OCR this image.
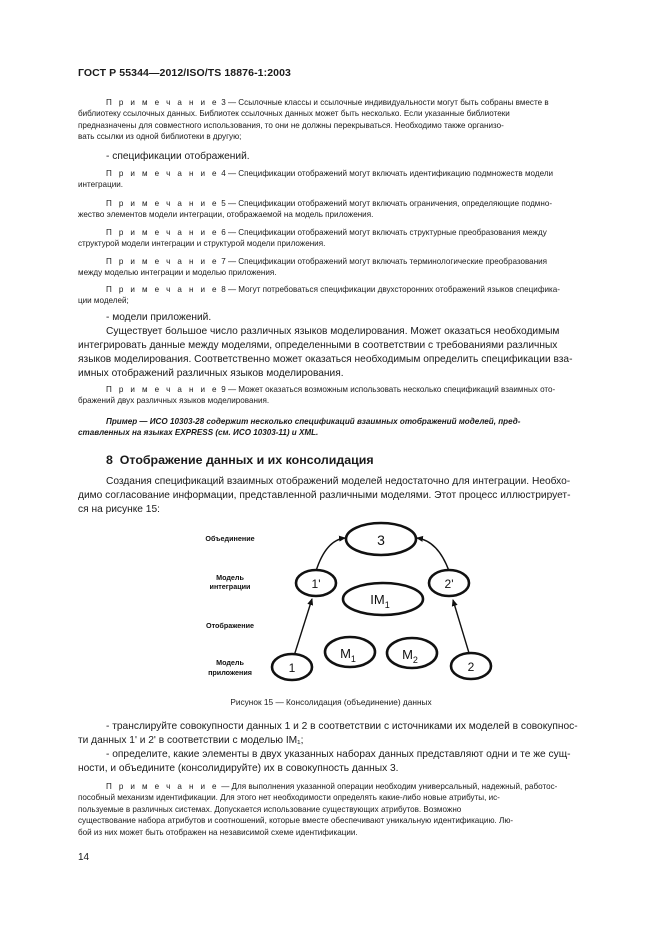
ГОСТ Р 55344—2012/ISO/TS 18876-1:2003
П р и м е ч а н и е 3 — Ссылочные классы и ссылочные индивидуальности могут быть собраны вместе в
библиотеку ссылочных данных. Библиотек ссылочных данных может быть несколько. Если указанные библиотеки
предназначены для совместного использования, то они не должны перекрываться. Необходимо также организо-
вать ссылки из одной библиотеки в другую;
- спецификации отображений.
П р и м е ч а н и е 4 — Спецификации отображений могут включать идентификацию подмножеств модели
интеграции.
П р и м е ч а н и е 5 — Спецификации отображений могут включать ограничения, определяющие подмно-
жество элементов модели интеграции, отображаемой на модель приложения.
П р и м е ч а н и е 6 — Спецификации отображений могут включать структурные преобразования между
структурой модели интеграции и структурой модели приложения.
П р и м е ч а н и е 7 — Спецификации отображений могут включать терминологические преобразования
между моделью интеграции и моделью приложения.
П р и м е ч а н и е 8 — Могут потребоваться спецификации двухсторонних отображений языков специфика-
ции моделей;
- модели приложений.
Существует большое число различных языков моделирования. Может оказаться необходимым
интегрировать данные между моделями, определенными в соответствии с требованиями различных
языков моделирования. Соответственно может оказаться необходимым определить спецификации вза-
имных отображений различных языков моделирования.
П р и м е ч а н и е 9 — Может оказаться возможным использовать несколько спецификаций взаимных ото-
бражений двух различных языков моделирования.
Пример — ИСО 10303-28 содержит несколько спецификаций взаимных отображений моделей, пред-
ставленных на языках EXPRESS (см. ИСО 10303-11) и XML.
8 Отображение данных и их консолидация
Создания спецификаций взаимных отображений моделей недостаточно для интеграции. Необхо-
димо согласование информации, представленной различными моделями. Этот процесс иллюстрирует-
ся на рисунке 15:
3
1'	2'
$IM_1$
$M_1$	$M_2$
1	2
Объединение
Модель
интеграции
Отображение
Модель
приложения
Рисунок 15 — Консолидация (объединение) данных
- транслируйте совокупности данных 1 и 2 в соответствии с источниками их моделей в совокупнос-
ти данных 1' и 2' в соответствии с моделью IM₁;
- определите, какие элементы в двух указанных наборах данных представляют одни и те же сущ-
ности, и объедините (консолидируйте) их в совокупность данных 3.
П р и м е ч а н и е — Для выполнения указанной операции необходим универсальный, надежный, работос-
пособный механизм идентификации. Для этого нет необходимости определять какие-либо новые атрибуты, ис-
пользуемые в различных системах. Допускается использование существующих атрибутов. Возможно
существование набора атрибутов и соотношений, которые вместе обеспечивают уникальную идентификацию. Лю-
бой из них может быть отображен на независимой схеме идентификации.
14
